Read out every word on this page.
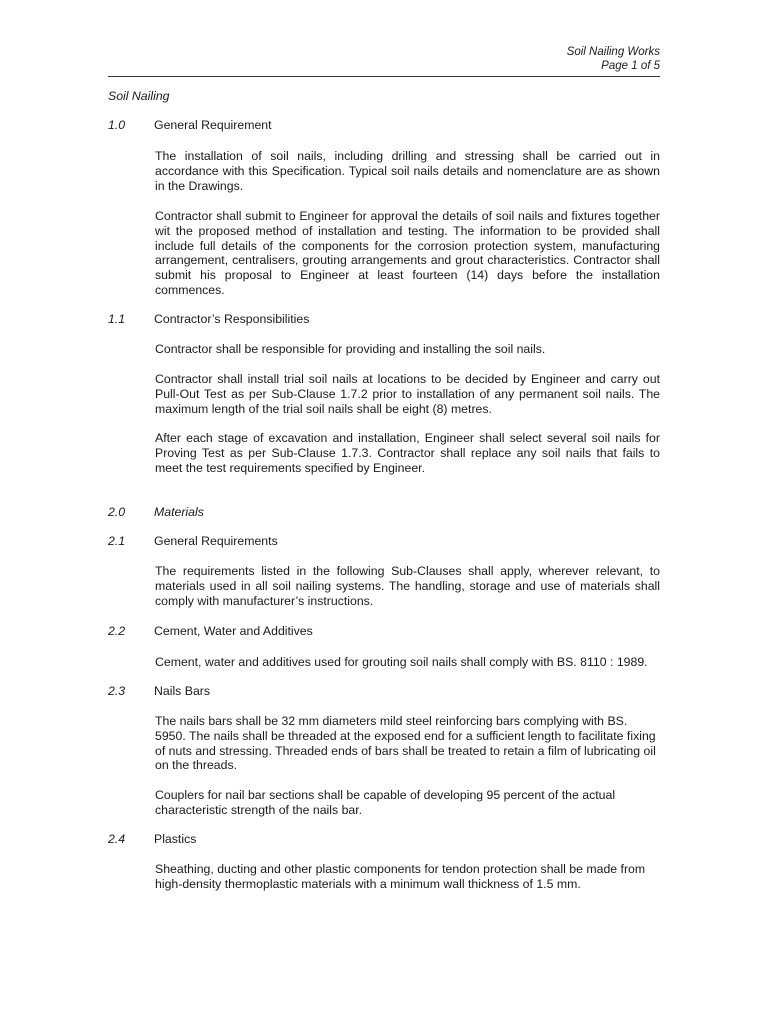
Soil Nailing Works
Page 1 of 5
Soil Nailing
1.0 General Requirement

The installation of soil nails, including drilling and stressing shall be carried out in accordance with this Specification. Typical soil nails details and nomenclature are as shown in the Drawings.

Contractor shall submit to Engineer for approval the details of soil nails and fixtures together wit the proposed method of installation and testing. The information to be provided shall include full details of the components for the corrosion protection system, manufacturing arrangement, centralisers, grouting arrangements and grout characteristics. Contractor shall submit his proposal to Engineer at least fourteen (14) days before the installation commences.

1.1 Contractor’s Responsibilities

Contractor shall be responsible for providing and installing the soil nails.

Contractor shall install trial soil nails at locations to be decided by Engineer and carry out Pull-Out Test as per Sub-Clause 1.7.2 prior to installation of any permanent soil nails. The maximum length of the trial soil nails shall be eight (8) metres.

After each stage of excavation and installation, Engineer shall select several soil nails for Proving Test as per Sub-Clause 1.7.3. Contractor shall replace any soil nails that fails to meet the test requirements specified by Engineer.

2.0 Materials
2.1 General Requirements

The requirements listed in the following Sub-Clauses shall apply, wherever relevant, to materials used in all soil nailing systems. The handling, storage and use of materials shall comply with manufacturer’s instructions.

2.2 Cement, Water and Additives

Cement, water and additives used for grouting soil nails shall comply with BS. 8110 : 1989.

2.3 Nails Bars

The nails bars shall be 32 mm diameters mild steel reinforcing bars complying with BS. 5950. The nails shall be threaded at the exposed end for a sufficient length to facilitate fixing of nuts and stressing. Threaded ends of bars shall be treated to retain a film of lubricating oil on the threads.

Couplers for nail bar sections shall be capable of developing 95 percent of the actual characteristic strength of the nails bar.

2.4 Plastics

Sheathing, ducting and other plastic components for tendon protection shall be made from high-density thermoplastic materials with a minimum wall thickness of 1.5 mm.
